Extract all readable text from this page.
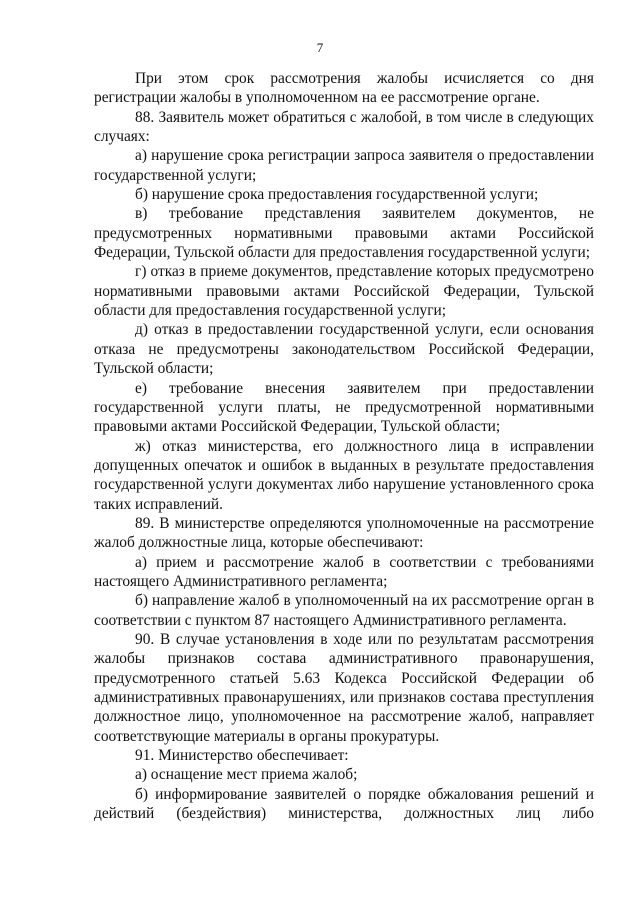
7

При этом срок рассмотрения жалобы исчисляется со дня регистрации жалобы в уполномоченном на ее рассмотрение органе.

88. Заявитель может обратиться с жалобой, в том числе в следующих случаях:

а) нарушение срока регистрации запроса заявителя о предоставлении государственной услуги;

б) нарушение срока предоставления государственной услуги;

в) требование представления заявителем документов, не предусмотренных нормативными правовыми актами Российской Федерации, Тульской области для предоставления государственной услуги;

г) отказ в приеме документов, представление которых предусмотрено нормативными правовыми актами Российской Федерации, Тульской области для предоставления государственной услуги;

д) отказ в предоставлении государственной услуги, если основания отказа не предусмотрены законодательством Российской Федерации, Тульской области;

е) требование внесения заявителем при предоставлении государственной услуги платы, не предусмотренной нормативными правовыми актами Российской Федерации, Тульской области;

ж) отказ министерства, его должностного лица в исправлении допущенных опечаток и ошибок в выданных в результате предоставления государственной услуги документах либо нарушение установленного срока таких исправлений.

89. В министерстве определяются уполномоченные на рассмотрение жалоб должностные лица, которые обеспечивают:

а) прием и рассмотрение жалоб в соответствии с требованиями настоящего Административного регламента;

б) направление жалоб в уполномоченный на их рассмотрение орган в соответствии с пунктом 87 настоящего Административного регламента.

90. В случае установления в ходе или по результатам рассмотрения жалобы признаков состава административного правонарушения, предусмотренного статьей 5.63 Кодекса Российской Федерации об административных правонарушениях, или признаков состава преступления должностное лицо, уполномоченное на рассмотрение жалоб, направляет соответствующие материалы в органы прокуратуры.

91. Министерство обеспечивает:

а) оснащение мест приема жалоб;

б) информирование заявителей о порядке обжалования решений и действий (бездействия) министерства, должностных лиц либо
